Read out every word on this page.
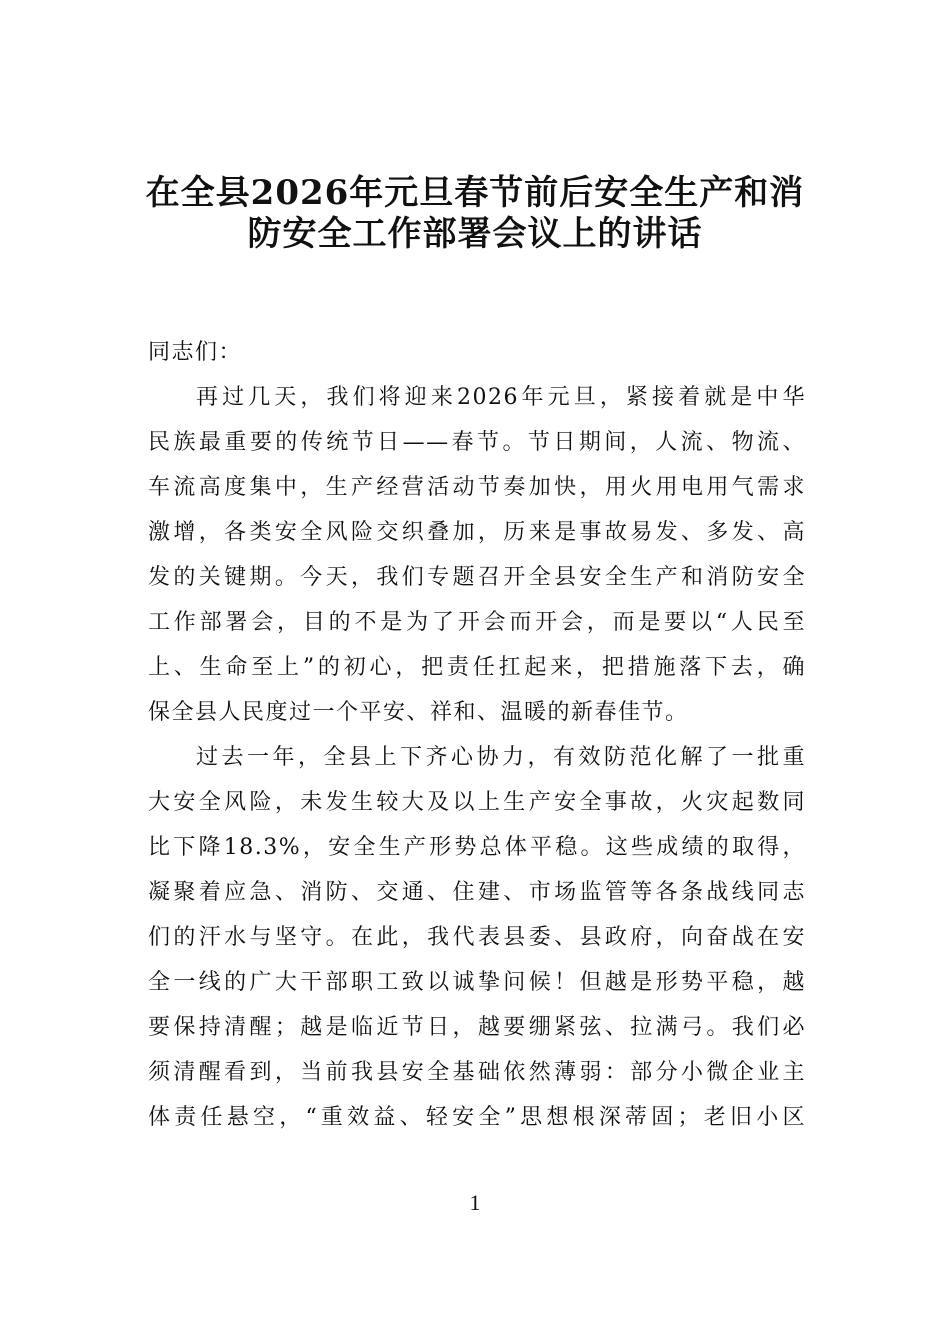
在全县2026年元旦春节前后安全生产和消
防安全工作部署会议上的讲话
同志们：
再过几天，我们将迎来2026年元旦，紧接着就是中华
民族最重要的传统节日——春节。节日期间，人流、物流、
车流高度集中，生产经营活动节奏加快，用火用电用气需求
激增，各类安全风险交织叠加，历来是事故易发、多发、高
发的关键期。今天，我们专题召开全县安全生产和消防安全
工作部署会，目的不是为了开会而开会，而是要以“人民至
上、生命至上”的初心，把责任扛起来，把措施落下去，确
保全县人民度过一个平安、祥和、温暖的新春佳节。
过去一年，全县上下齐心协力，有效防范化解了一批重
大安全风险，未发生较大及以上生产安全事故，火灾起数同
比下降18.3%，安全生产形势总体平稳。这些成绩的取得，
凝聚着应急、消防、交通、住建、市场监管等各条战线同志
们的汗水与坚守。在此，我代表县委、县政府，向奋战在安
全一线的广大干部职工致以诚挚问候！但越是形势平稳，越
要保持清醒；越是临近节日，越要绷紧弦、拉满弓。我们必
须清醒看到，当前我县安全基础依然薄弱：部分小微企业主
体责任悬空，“重效益、轻安全”思想根深蒂固；老旧小区
1
